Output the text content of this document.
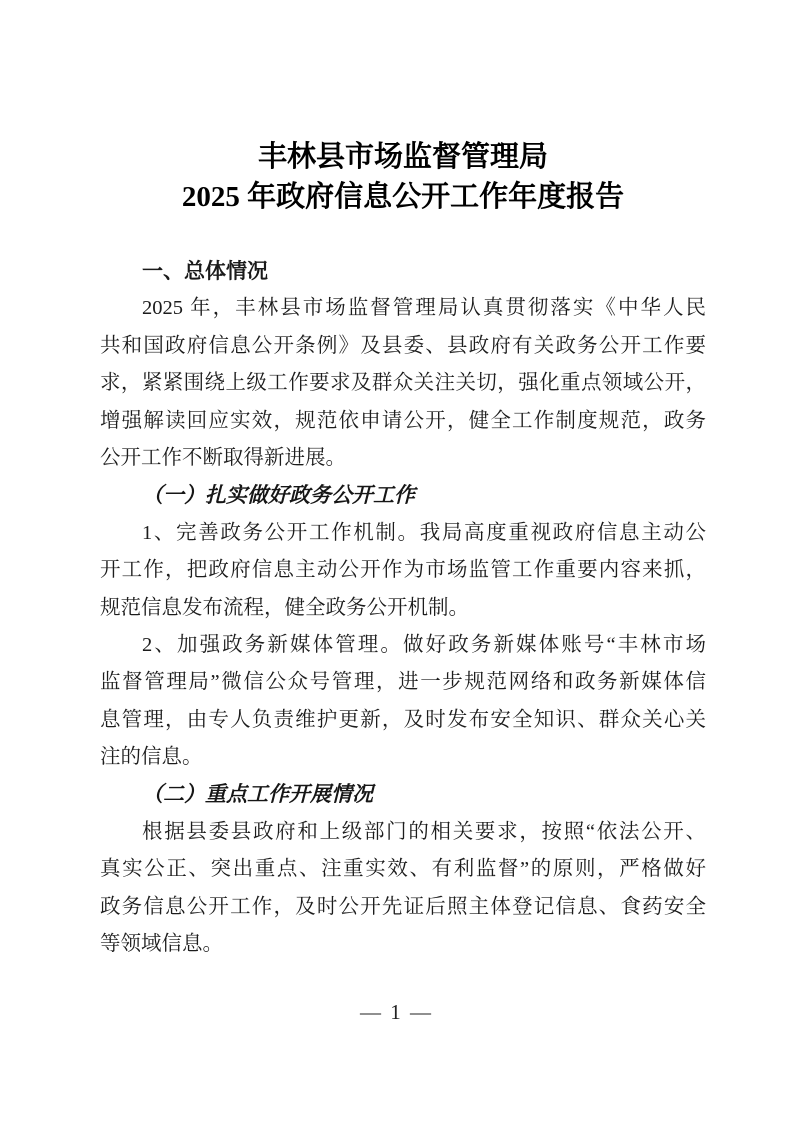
丰林县市场监督管理局
2025 年政府信息公开工作年度报告
一、总体情况
2025 年，丰林县市场监督管理局认真贯彻落实《中华人民
共和国政府信息公开条例》及县委、县政府有关政务公开工作要
求，紧紧围绕上级工作要求及群众关注关切，强化重点领域公开，
增强解读回应实效，规范依申请公开，健全工作制度规范，政务
公开工作不断取得新进展。
（一）扎实做好政务公开工作
1、完善政务公开工作机制。我局高度重视政府信息主动公
开工作，把政府信息主动公开作为市场监管工作重要内容来抓，
规范信息发布流程，健全政务公开机制。
2、加强政务新媒体管理。做好政务新媒体账号“丰林市场
监督管理局”微信公众号管理，进一步规范网络和政务新媒体信
息管理，由专人负责维护更新，及时发布安全知识、群众关心关
注的信息。
（二）重点工作开展情况
根据县委县政府和上级部门的相关要求，按照“依法公开、
真实公正、突出重点、注重实效、有利监督”的原则，严格做好
政务信息公开工作，及时公开先证后照主体登记信息、食药安全
等领域信息。
— 1 —
